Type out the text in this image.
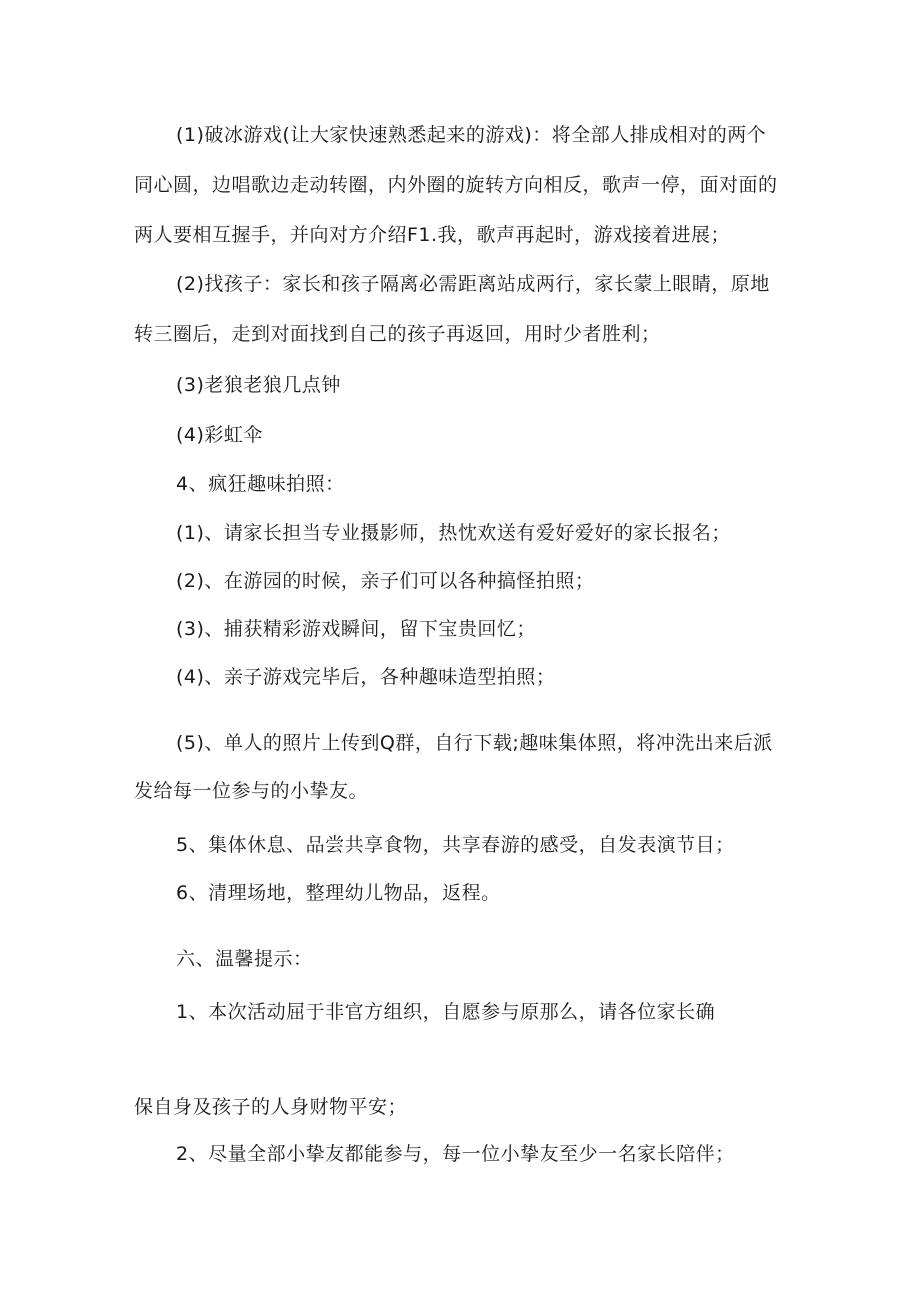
(1)破冰游戏(让大家快速熟悉起来的游戏)：将全部人排成相对的两个
同心圆，边唱歌边走动转圈，内外圈的旋转方向相反，歌声一停，面对面的
两人要相互握手，并向对方介绍F1.我，歌声再起时，游戏接着进展；
(2)找孩子：家长和孩子隔离必需距离站成两行，家长蒙上眼睛，原地
转三圈后，走到对面找到自己的孩子再返回，用时少者胜利；
(3)老狼老狼几点钟
(4)彩虹伞
4、疯狂趣味拍照：
(1)、请家长担当专业摄影师，热忱欢送有爱好爱好的家长报名；
(2)、在游园的时候，亲子们可以各种搞怪拍照；
(3)、捕获精彩游戏瞬间，留下宝贵回忆；
(4)、亲子游戏完毕后，各种趣味造型拍照；
(5)、单人的照片上传到Q群，自行下载;趣味集体照，将冲洗出来后派
发给每一位参与的小挚友。
5、集体休息、品尝共享食物，共享春游的感受，自发表演节目；
6、清理场地，整理幼儿物品，返程。
六、温馨提示：
1、本次活动屈于非官方组织，自愿参与原那么，请各位家长确
保自身及孩子的人身财物平安；
2、尽量全部小挚友都能参与，每一位小挚友至少一名家长陪伴；
